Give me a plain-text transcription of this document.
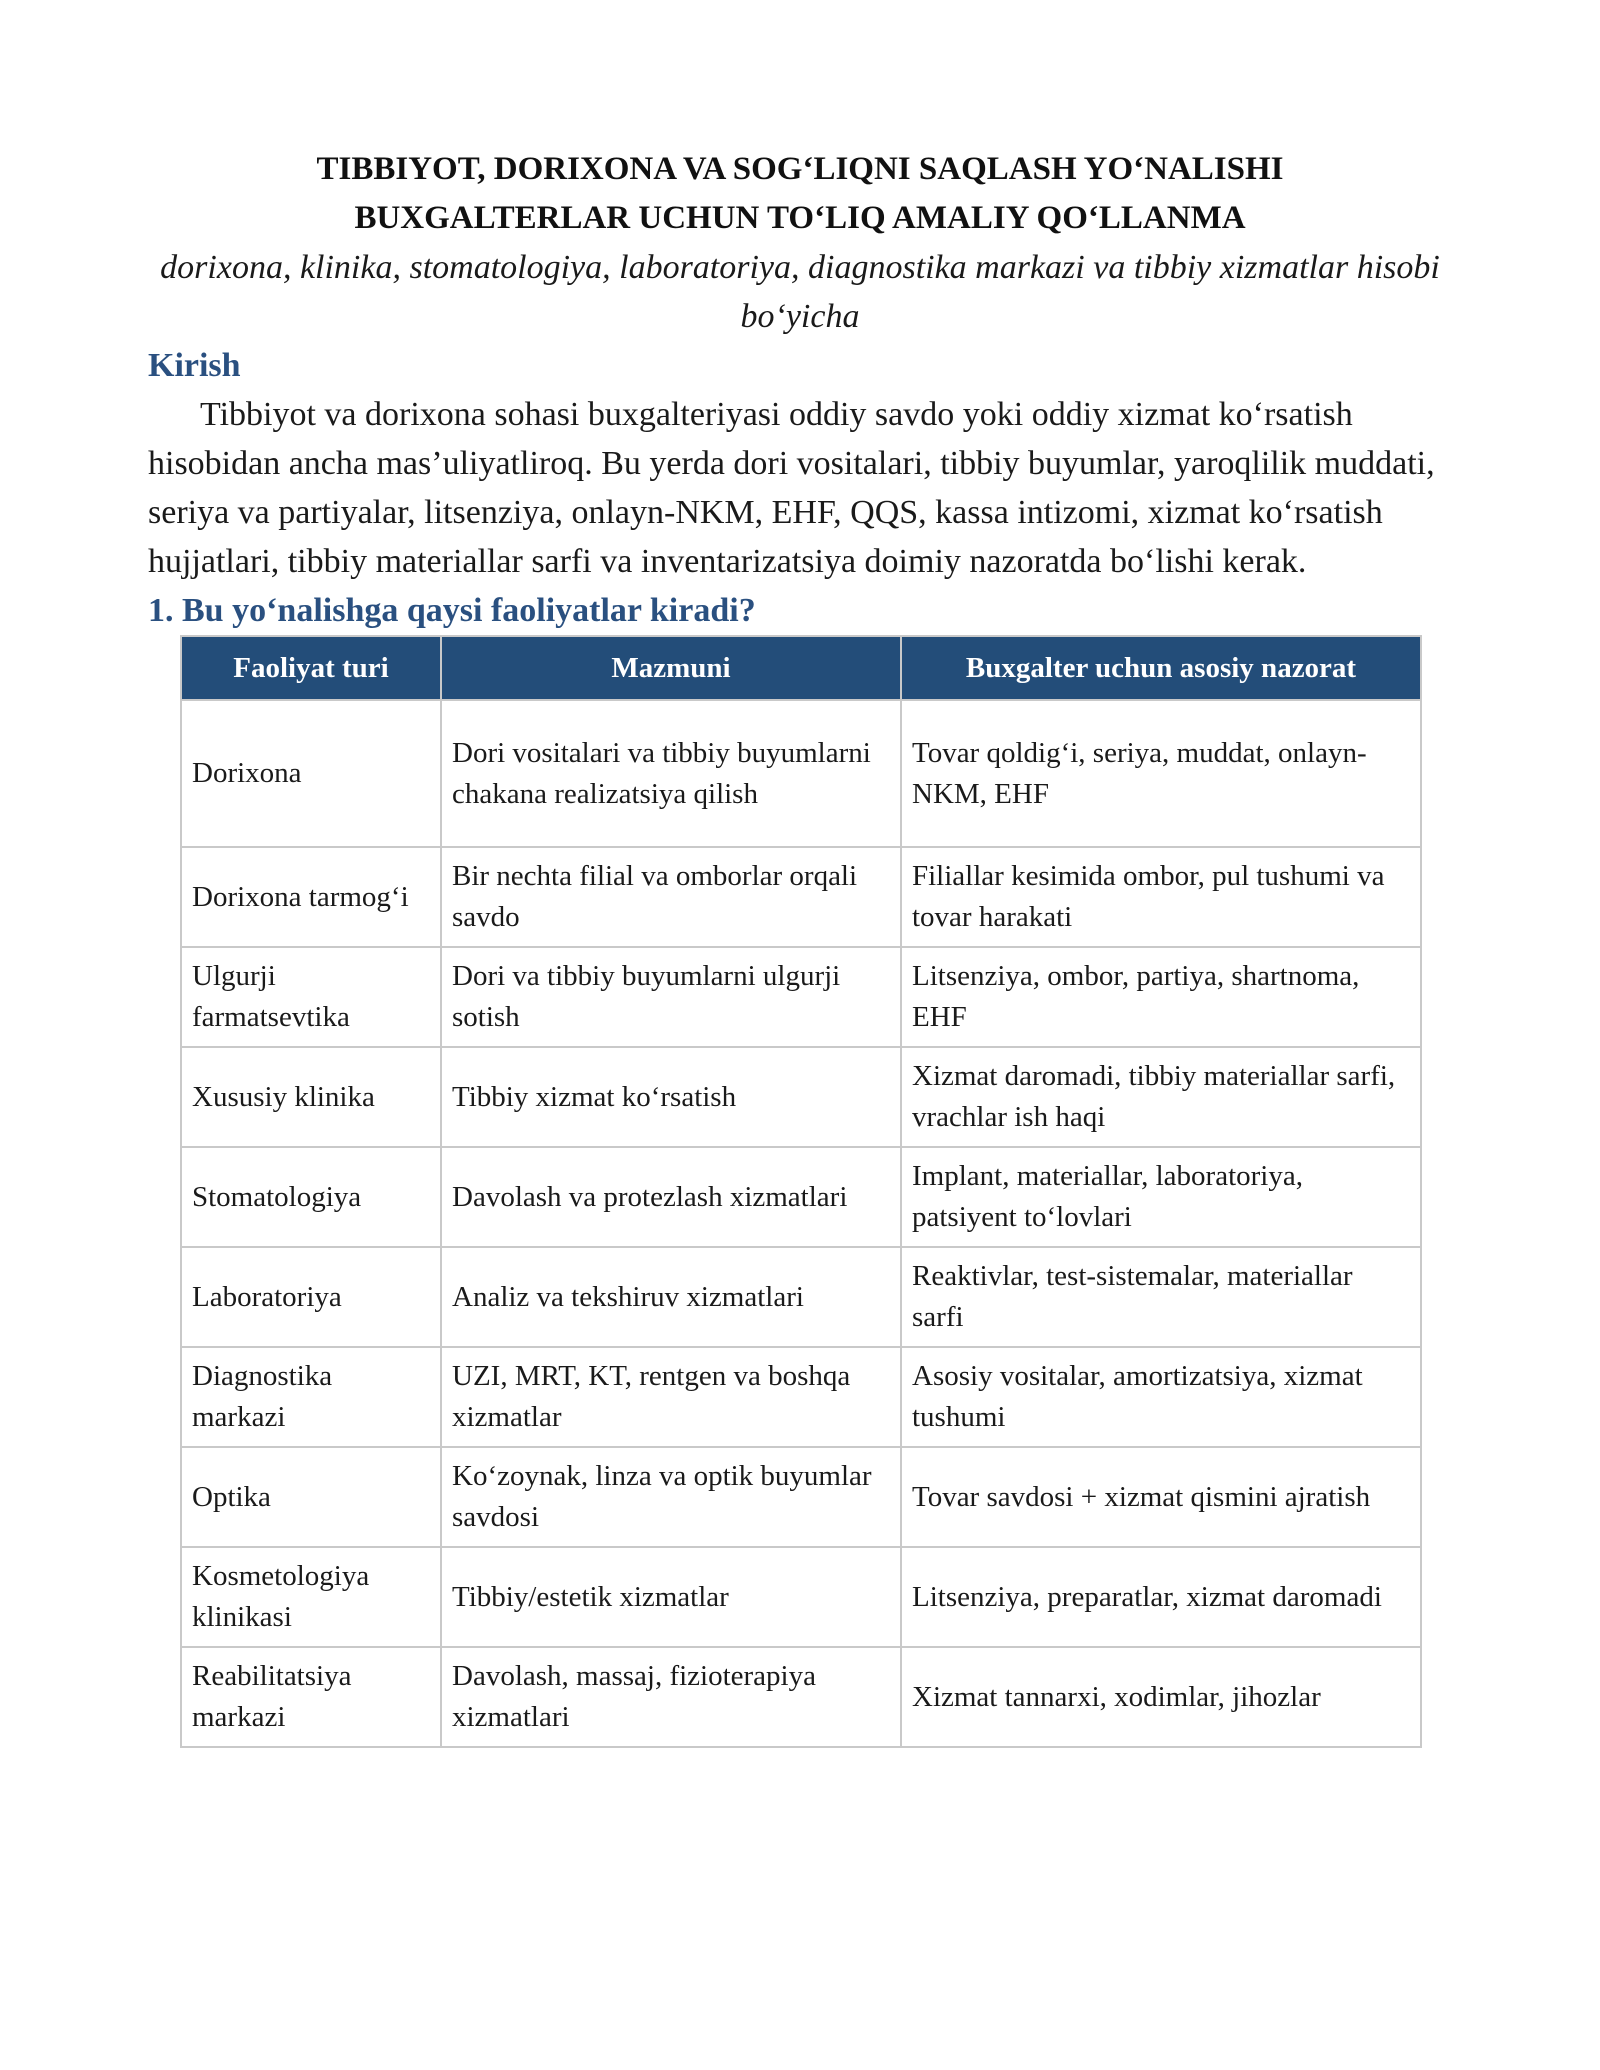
TIBBIYOT, DORIXONA VA SOG‘LIQNI SAQLASH YO‘NALISHI

BUXGALTERLAR UCHUN TO‘LIQ AMALIY QO‘LLANMA

dorixona, klinika, stomatologiya, laboratoriya, diagnostika markazi va tibbiy xizmatlar hisobi bo‘yicha

Kirish

Tibbiyot va dorixona sohasi buxgalteriyasi oddiy savdo yoki oddiy xizmat ko‘rsatish hisobidan ancha mas’uliyatliroq. Bu yerda dori vositalari, tibbiy buyumlar, yaroqlilik muddati, seriya va partiyalar, litsenziya, onlayn-NKM, EHF, QQS, kassa intizomi, xizmat ko‘rsatish hujjatlari, tibbiy materiallar sarfi va inventarizatsiya doimiy nazoratda bo‘lishi kerak.

1. Bu yo‘nalishga qaysi faoliyatlar kiradi?

Faoliyat turi	Mazmuni	Buxgalter uchun asosiy nazorat
Dorixona	Dori vositalari va tibbiy buyumlarni chakana realizatsiya qilish	Tovar qoldig‘i, seriya, muddat, onlayn-NKM, EHF
Dorixona tarmog‘i	Bir nechta filial va omborlar orqali savdo	Filiallar kesimida ombor, pul tushumi va tovar harakati
Ulgurji farmatsevtika	Dori va tibbiy buyumlarni ulgurji sotish	Litsenziya, ombor, partiya, shartnoma, EHF
Xususiy klinika	Tibbiy xizmat ko‘rsatish	Xizmat daromadi, tibbiy materiallar sarfi, vrachlar ish haqi
Stomatologiya	Davolash va protezlash xizmatlari	Implant, materiallar, laboratoriya, patsiyent to‘lovlari
Laboratoriya	Analiz va tekshiruv xizmatlari	Reaktivlar, test-sistemalar, materiallar sarfi
Diagnostika markazi	UZI, MRT, KT, rentgen va boshqa xizmatlar	Asosiy vositalar, amortizatsiya, xizmat tushumi
Optika	Ko‘zoynak, linza va optik buyumlar savdosi	Tovar savdosi + xizmat qismini ajratish
Kosmetologiya klinikasi	Tibbiy/estetik xizmatlar	Litsenziya, preparatlar, xizmat daromadi
Reabilitatsiya markazi	Davolash, massaj, fizioterapiya xizmatlari	Xizmat tannarxi, xodimlar, jihozlar
